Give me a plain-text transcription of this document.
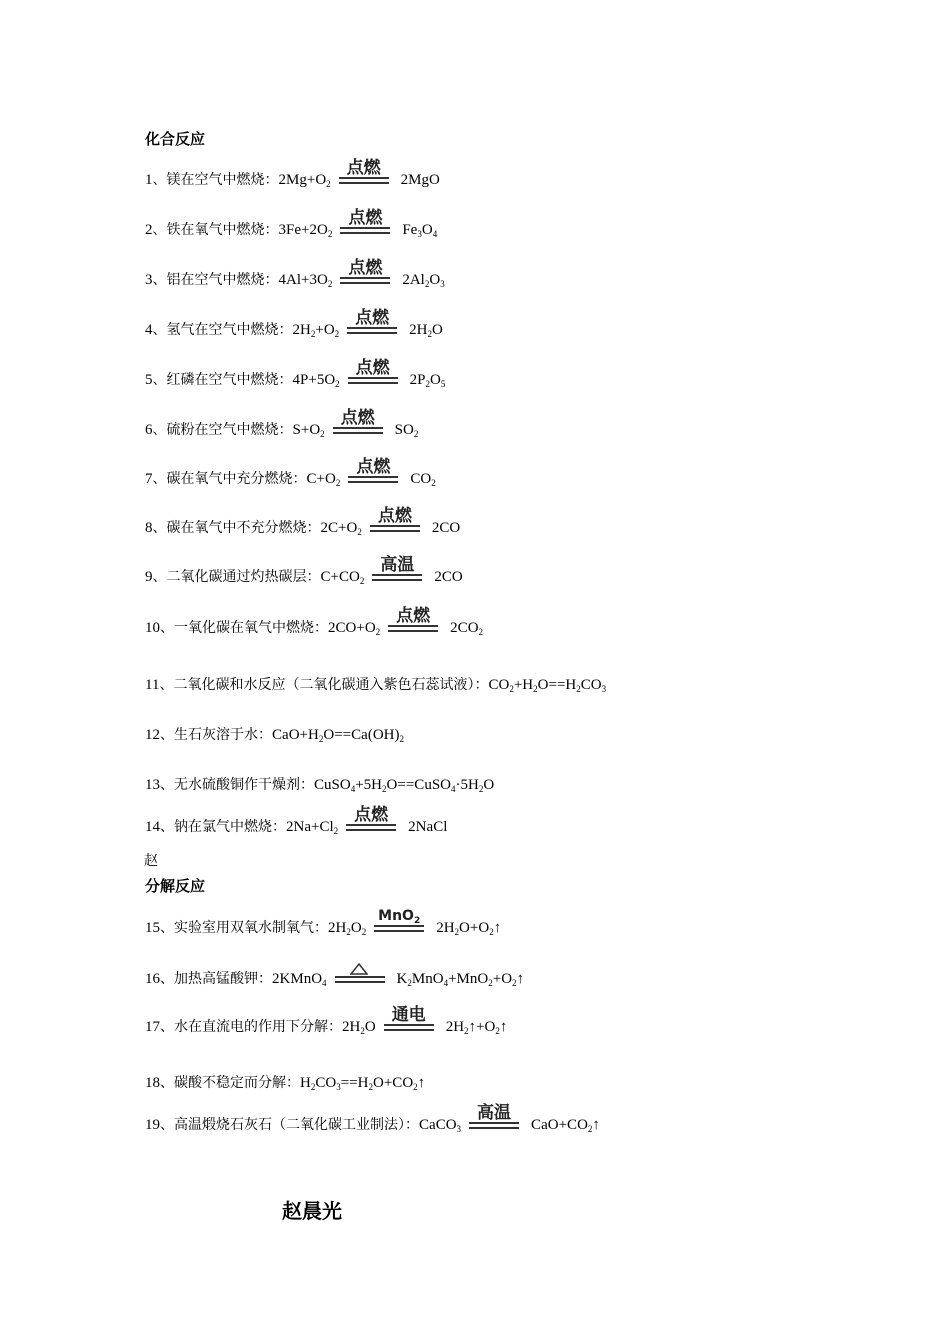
化合反应
分解反应
赵
赵晨光
1、镁在空气中燃烧：$2Mg+O_2$
点燃
2MgO
2、铁在氧气中燃烧：$3Fe+2O_2$
点燃
$Fe_3O_4$
3、铝在空气中燃烧：$4Al+3O_2$
点燃
$2Al_2O_3$
4、氢气在空气中燃烧：$2H_2+O_2$
点燃
$2H_2O$
5、红磷在空气中燃烧：$4P+5O_2$
点燃
$2P_2O_5$
6、硫粉在空气中燃烧：$S+O_2$
点燃
$SO_2$
7、碳在氧气中充分燃烧：$C+O_2$
点燃
$CO_2$
8、碳在氧气中不充分燃烧：$2C+O_2$
点燃
2CO
9、二氧化碳通过灼热碳层：$C+CO_2$
高温
2CO
10、一氧化碳在氧气中燃烧：$2CO+O_2$
点燃
$2CO_2$
11、二氧化碳和水反应（二氧化碳通入紫色石蕊试液）：$CO_2+H_2O==H_2CO_3$
12、生石灰溶于水：$CaO+H_2O==Ca(OH)_2$
13、无水硫酸铜作干燥剂：$CuSO_4+5H_2O==CuSO_4\cdot 5H_2O$
14、钠在氯气中燃烧：$2Na+Cl_2$
点燃
2NaCl
15、实验室用双氧水制氧气：$2H_2O_2$
MnO$_2$	$2H_2O+O_2↑$
16、加热高锰酸钾：2KMnO$_4$	$K_2MnO_4+MnO_2+O_2↑$
17、水在直流电的作用下分解：$2H_2O$
通电
$2H_2↑+O_2↑$
18、碳酸不稳定而分解：$H_2CO_3==H_2O+CO_2↑$
19、高温煅烧石灰石（二氧化碳工业制法）：CaCO$_3$
高温
$CaO+CO_2↑$
